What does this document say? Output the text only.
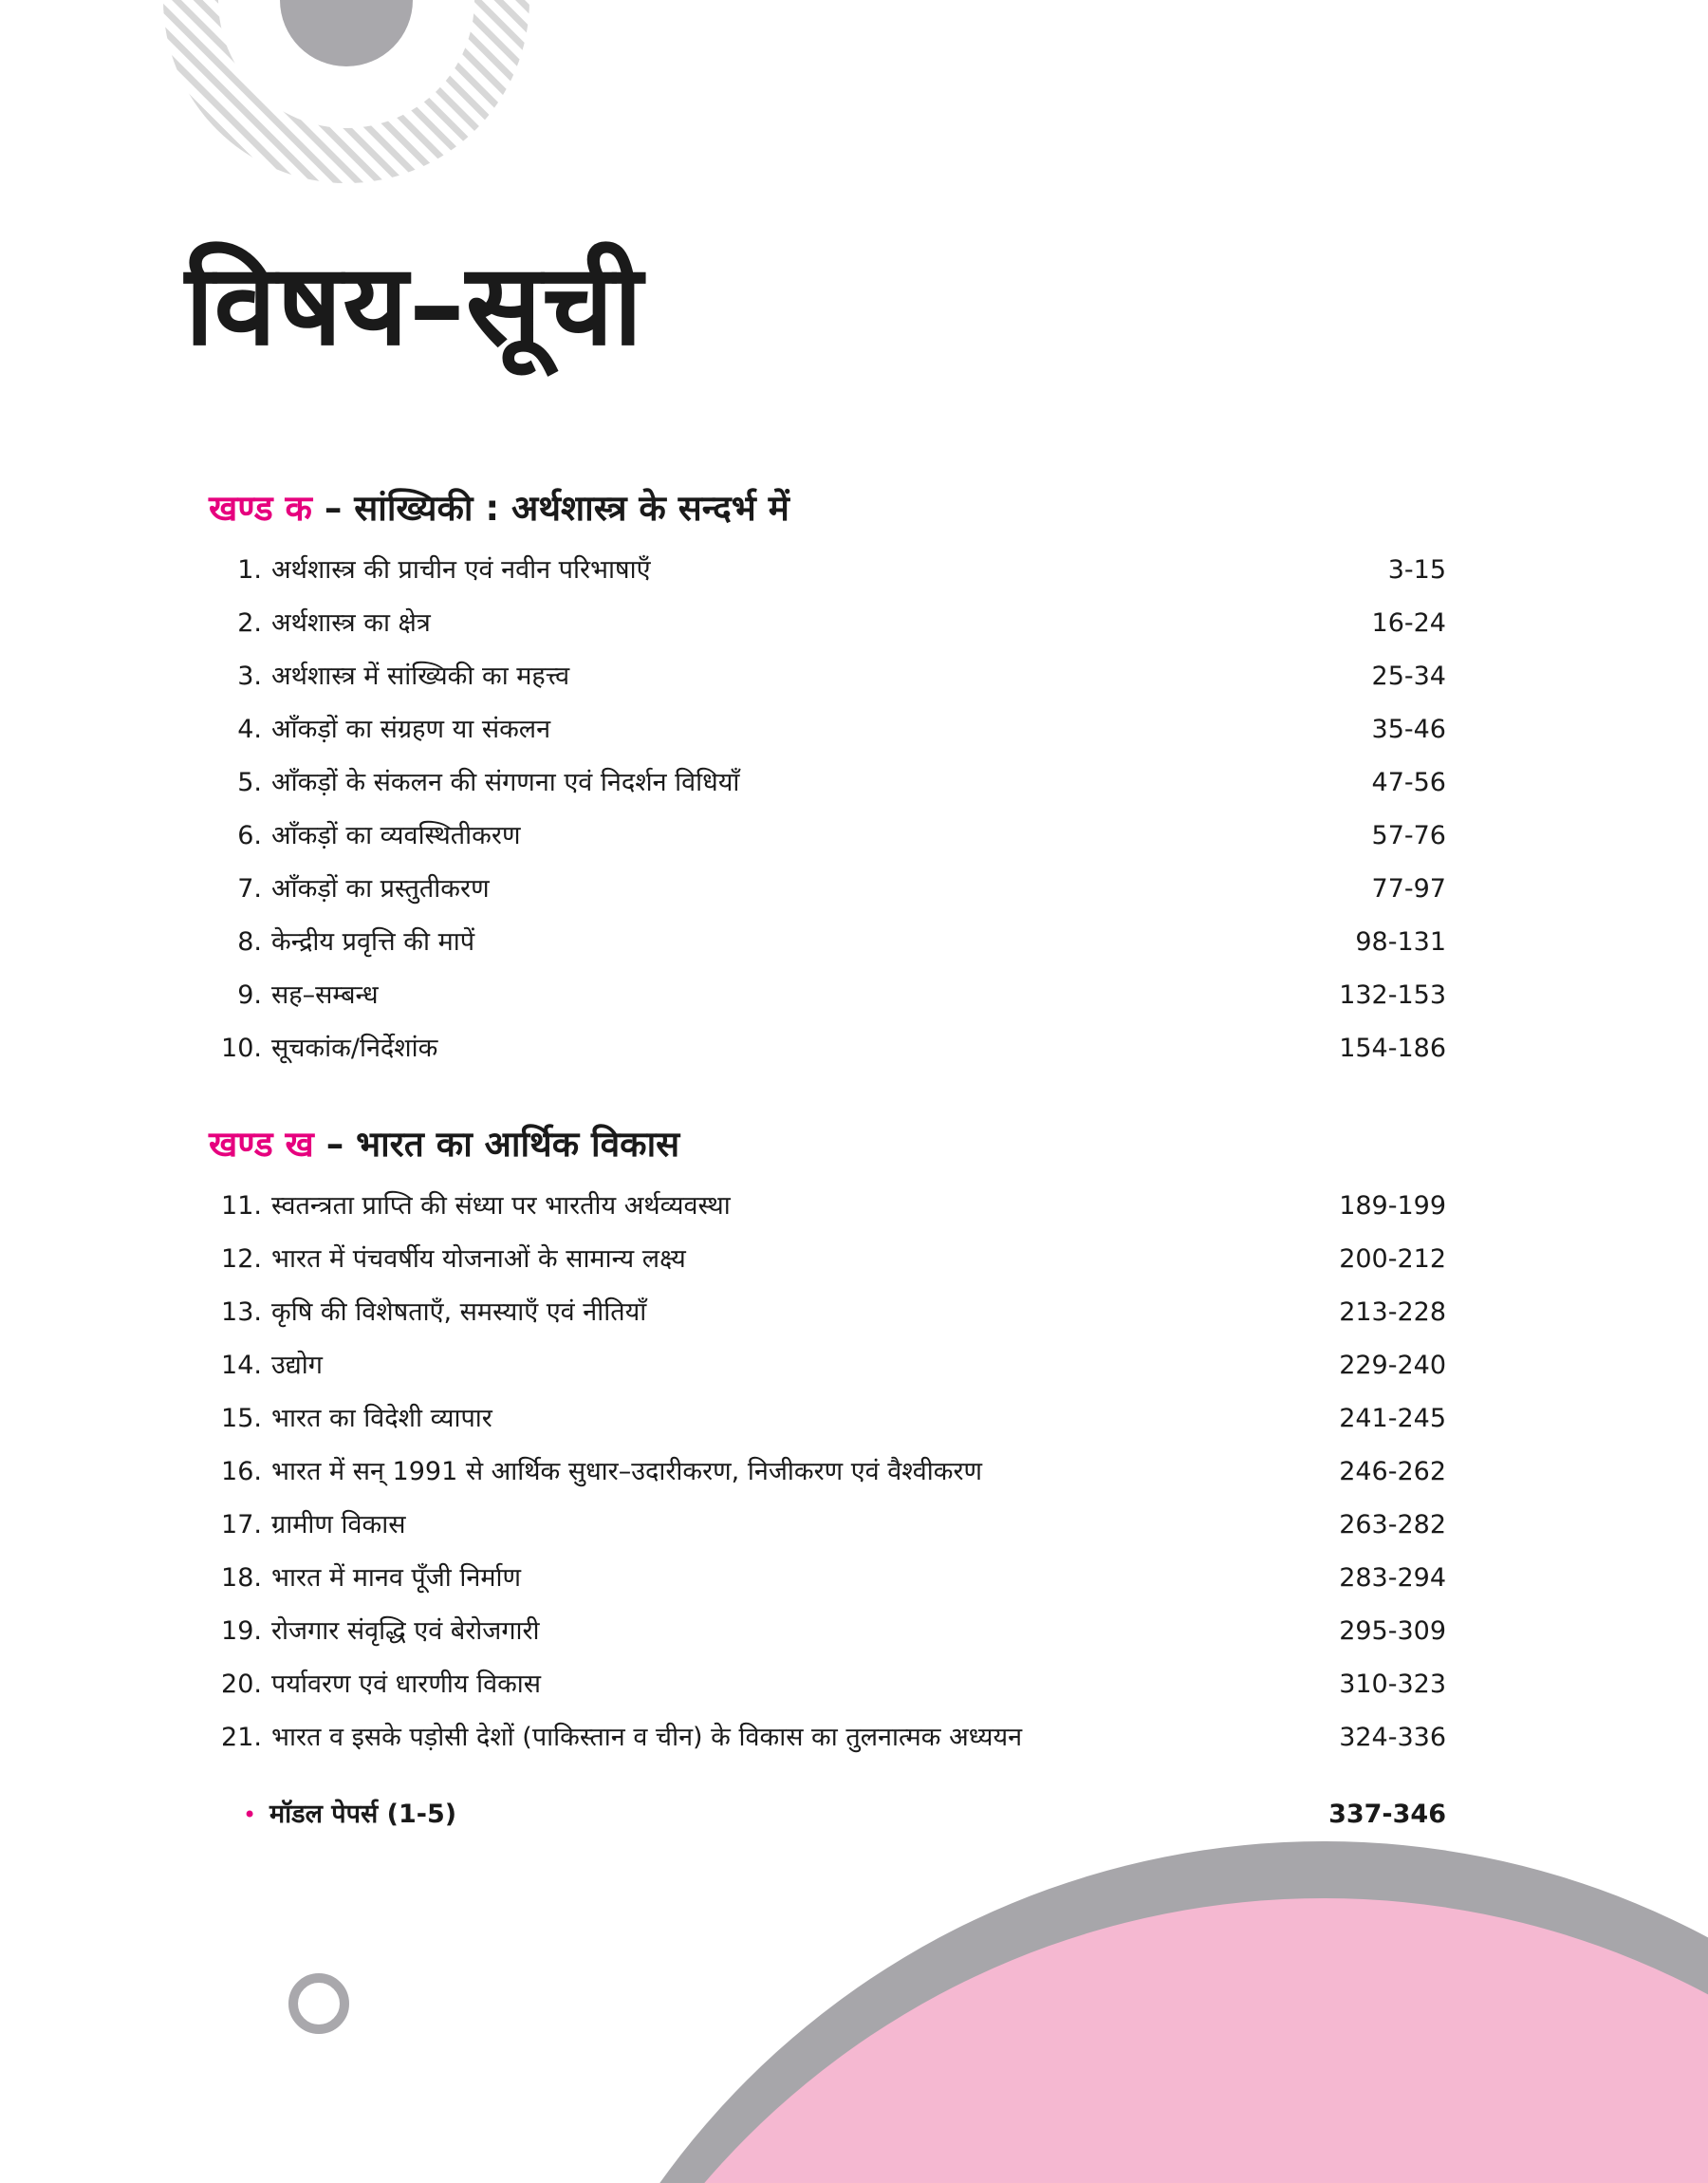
विषय–सूची
खण्ड क – सांख्यिकी : अर्थशास्त्र के सन्दर्भ में
1. अर्थशास्त्र की प्राचीन एवं नवीन परिभाषाएँ	3-15
2. अर्थशास्त्र का क्षेत्र	16-24
3. अर्थशास्त्र में सांख्यिकी का महत्त्व	25-34
4. आँकड़ों का संग्रहण या संकलन	35-46
5. आँकड़ों के संकलन की संगणना एवं निदर्शन विधियाँ	47-56
6. आँकड़ों का व्यवस्थितीकरण	57-76
7. आँकड़ों का प्रस्तुतीकरण	77-97
8. केन्द्रीय प्रवृत्ति की मापें	98-131
9. सह–सम्बन्ध	132-153
10. सूचकांक/निर्देशांक	154-186
खण्ड ख – भारत का आर्थिक विकास
11. स्वतन्त्रता प्राप्ति की संध्या पर भारतीय अर्थव्यवस्था	189-199
12. भारत में पंचवर्षीय योजनाओं के सामान्य लक्ष्य	200-212
13. कृषि की विशेषताएँ, समस्याएँ एवं नीतियाँ	213-228
14. उद्योग	229-240
15. भारत का विदेशी व्यापार	241-245
16. भारत में सन् 1991 से आर्थिक सुधार–उदारीकरण, निजीकरण एवं वैश्वीकरण	246-262
17. ग्रामीण विकास	263-282
18. भारत में मानव पूँजी निर्माण	283-294
19. रोजगार संवृद्धि एवं बेरोजगारी	295-309
20. पर्यावरण एवं धारणीय विकास	310-323
21. भारत व इसके पड़ोसी देशों (पाकिस्तान व चीन) के विकास का तुलनात्मक अध्ययन	324-336
• मॉडल पेपर्स (1-5)	337-346
